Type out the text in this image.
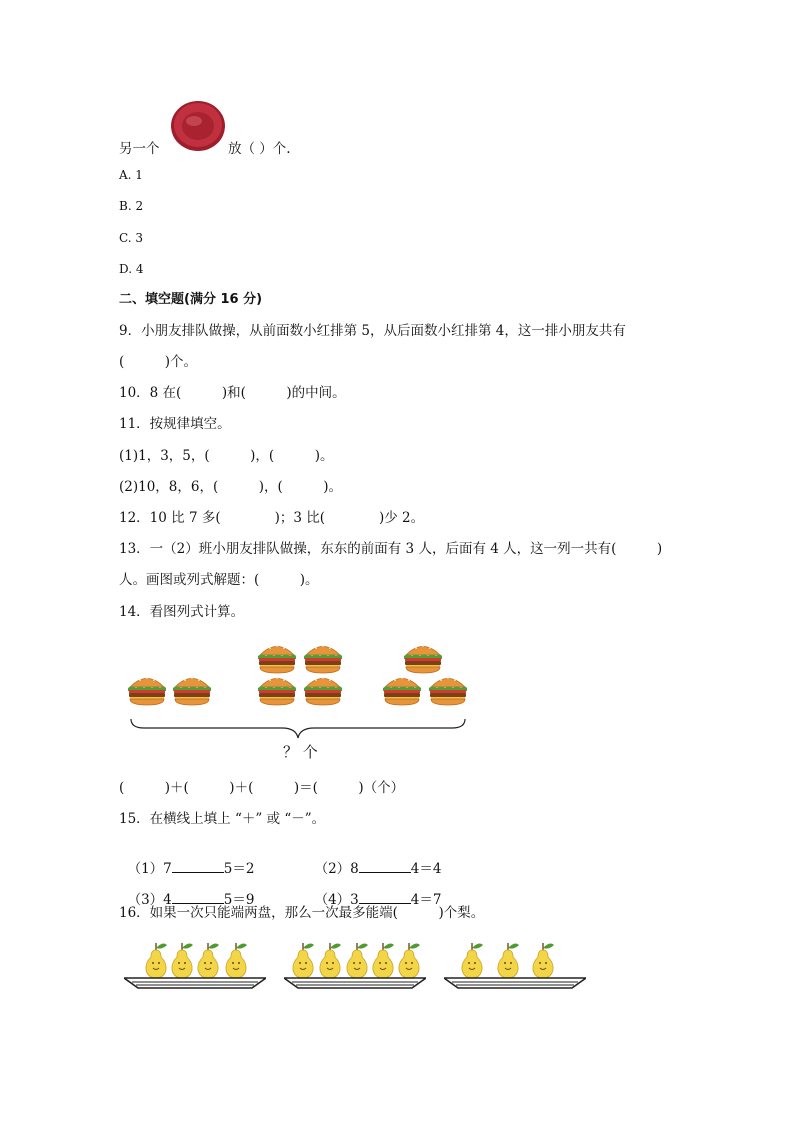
另一个	放（ ）个.
A. 1
B. 2
C. 3
D. 4
二、填空题(满分 16 分)
9．小朋友排队做操，从前面数小红排第 5，从后面数小红排第 4，这一排小朋友共有
(　　　)个。
10．8 在(　　　)和(　　　)的中间。
11．按规律填空。
(1)1，3，5，(　　　)，(　　　)。
(2)10，8，6，(　　　)，(　　　)。
12．10 比 7 多(　　　　)；3 比(　　　　)少 2。
13．一（2）班小朋友排队做操，东东的前面有 3 人，后面有 4 人，这一列一共有(　　　)
人。画图或列式解题：(　　　)。
14．看图列式计算。
？ 个
(　　　)＋(　　　)＋(　　　)＝(　　　)（个）
15．在横线上填上 “＋” 或 “－”。

（1）7	5＝2	（2）8	4＝4

（3）4	5＝9	（4）3	4＝7

16．如果一次只能端两盘，那么一次最多能端(　　　)个梨。
